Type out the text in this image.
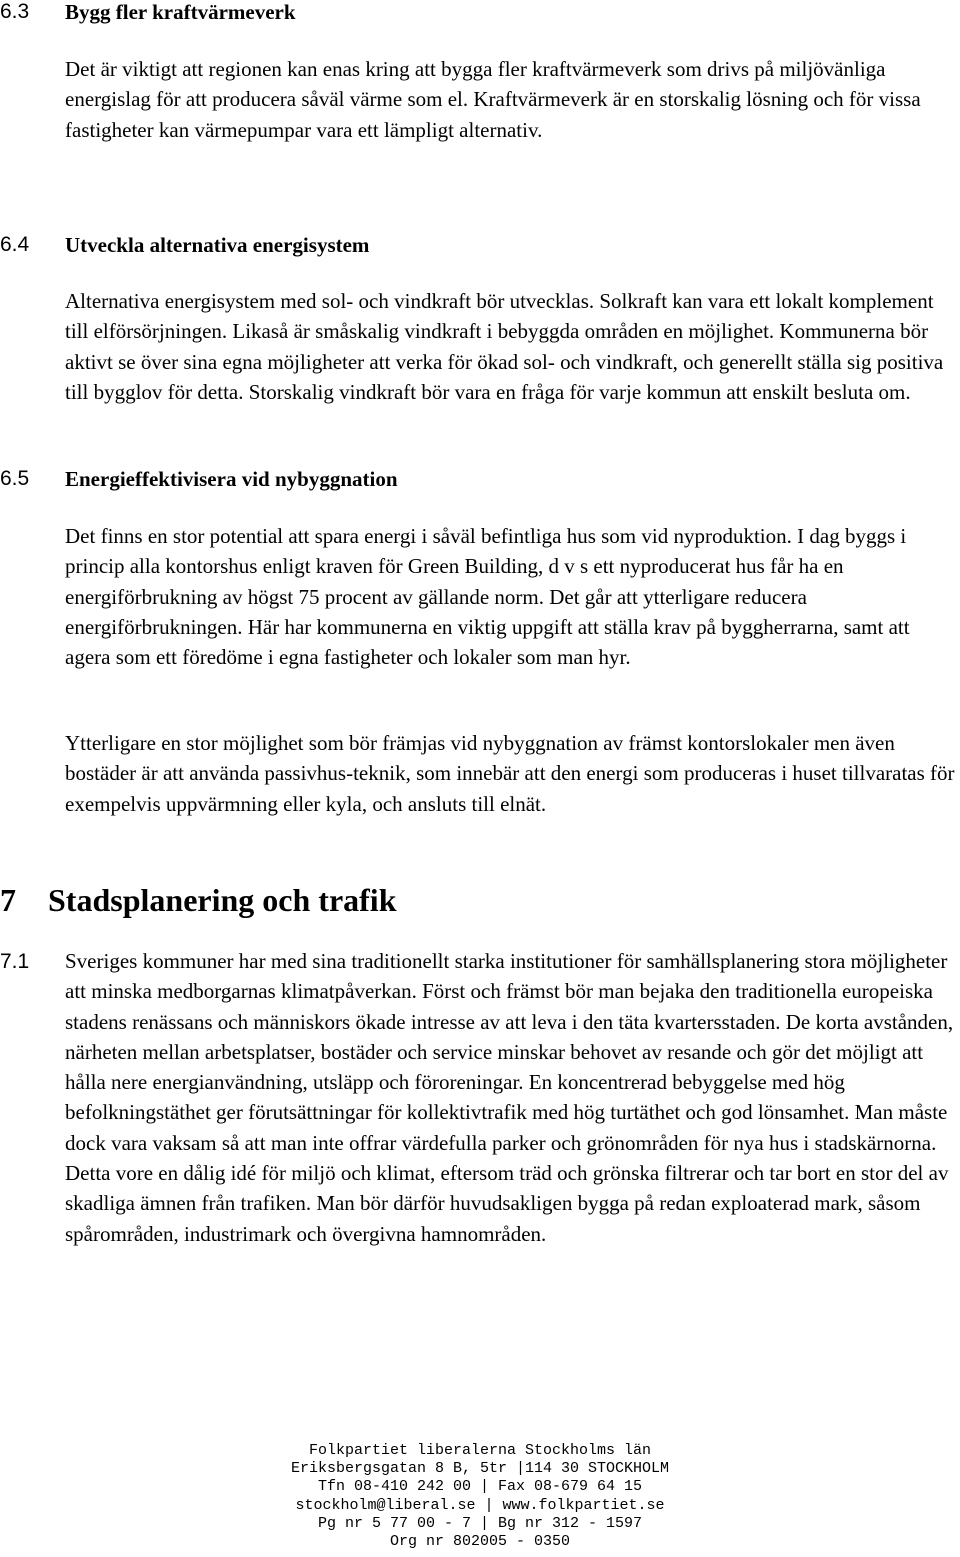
6.3 Bygg fler kraftvärmeverk

Det är viktigt att regionen kan enas kring att bygga fler kraftvärmeverk som drivs på miljövänliga energislag för att producera såväl värme som el. Kraftvärmeverk är en storskalig lösning och för vissa fastigheter kan värmepumpar vara ett lämpligt alternativ.

6.4 Utveckla alternativa energisystem

Alternativa energisystem med sol- och vindkraft bör utvecklas. Solkraft kan vara ett lokalt komplement till elförsörjningen. Likaså är småskalig vindkraft i bebyggda områden en möjlighet. Kommunerna bör aktivt se över sina egna möjligheter att verka för ökad sol- och vindkraft, och generellt ställa sig positiva till bygglov för detta. Storskalig vindkraft bör vara en fråga för varje kommun att enskilt besluta om.

6.5 Energieffektivisera vid nybyggnation

Det finns en stor potential att spara energi i såväl befintliga hus som vid nyproduktion. I dag byggs i princip alla kontorshus enligt kraven för Green Building, d v s ett nyproducerat hus får ha en energiförbrukning av högst 75 procent av gällande norm. Det går att ytterligare reducera energiförbrukningen. Här har kommunerna en viktig uppgift att ställa krav på byggherrarna, samt att agera som ett föredöme i egna fastigheter och lokaler som man hyr.

Ytterligare en stor möjlighet som bör främjas vid nybyggnation av främst kontorslokaler men även bostäder är att använda passivhus-teknik, som innebär att den energi som produceras i huset tillvaratas för exempelvis uppvärmning eller kyla, och ansluts till elnät.

7 Stadsplanering och trafik
7.1 Sveriges kommuner har med sina traditionellt starka institutioner för samhällsplanering stora möjligheter att minska medborgarnas klimatpåverkan. Först och främst bör man bejaka den traditionella europeiska stadens renässans och människors ökade intresse av att leva i den täta kvartersstaden. De korta avstånden, närheten mellan arbetsplatser, bostäder och service minskar behovet av resande och gör det möjligt att hålla nere energianvändning, utsläpp och föroreningar. En koncentrerad bebyggelse med hög befolkningstäthet ger förutsättningar för kollektivtrafik med hög turtäthet och god lönsamhet. Man måste dock vara vaksam så att man inte offrar värdefulla parker och grönområden för nya hus i stadskärnorna. Detta vore en dålig idé för miljö och klimat, eftersom träd och grönska filtrerar och tar bort en stor del av skadliga ämnen från trafiken. Man bör därför huvudsakligen bygga på redan exploaterad mark, såsom spårområden, industrimark och övergivna hamnområden.

Folkpartiet liberalerna Stockholms län
Eriksbergsgatan 8 B, 5tr |114 30 STOCKHOLM
Tfn 08-410 242 00 | Fax 08-679 64 15
stockholm@liberal.se | www.folkpartiet.se
Pg nr 5 77 00 - 7 | Bg nr 312 - 1597
Org nr 802005 - 0350
